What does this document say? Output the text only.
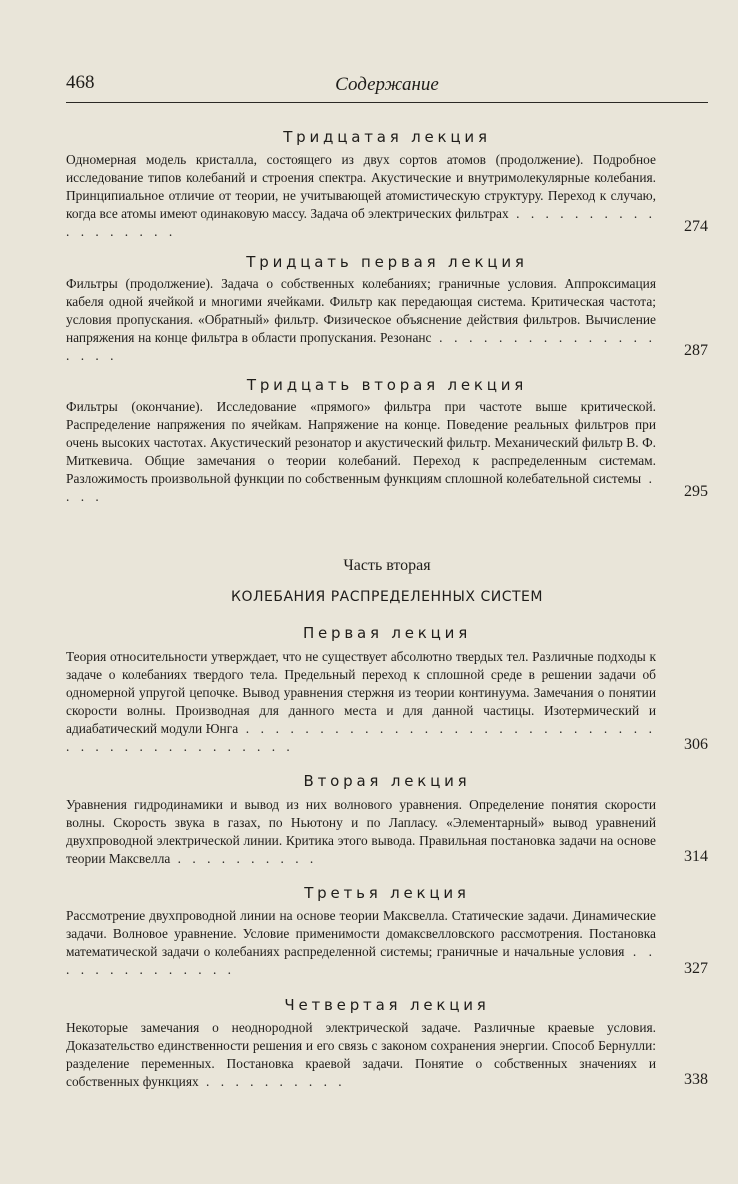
468	Содержание
Тридцатая лекция
Одномерная модель кристалла, состоящего из двух сортов атомов (продолжение). Подробное исследование типов колебаний и строения спектра. Акустические и внутримолекулярные колебания. Принципиальное отличие от теории, не учитывающей атомистическую структуру. Переход к случаю, когда все атомы имеют одинаковую массу. Задача об электрических фильтрах . . . . . . . . . . . . . . . . . .	274
Тридцать первая лекция
Фильтры (продолжение). Задача о собственных колебаниях; граничные условия. Аппроксимация кабеля одной ячейкой и многими ячейками. Фильтр как передающая система. Критическая частота; условия пропускания. «Обратный» фильтр. Физическое объяснение действия фильтров. Вычисление напряжения на конце фильтра в области пропускания. Резонанс . . . . . . . . . . . . . . . . . . .	287
Тридцать вторая лекция
Фильтры (окончание). Исследование «прямого» фильтра при частоте выше критической. Распределение напряжения по ячейкам. Напряжение на конце. Поведение реальных фильтров при очень высоких частотах. Акустический резонатор и акустический фильтр. Механический фильтр В. Ф. Миткевича. Общие замечания о теории колебаний. Переход к распределенным системам. Разложимость произвольной функции по собственным функциям сплошной колебательной системы . . . .	295
Часть вторая
КОЛЕБАНИЯ РАСПРЕДЕЛЕННЫХ СИСТЕМ
Первая лекция
Теория относительности утверждает, что не существует абсолютно твердых тел. Различные подходы к задаче о колебаниях твердого тела. Предельный переход к сплошной среде в решении задачи об одномерной упругой цепочке. Вывод уравнения стержня из теории континуума. Замечания о понятии скорости волны. Производная для данного места и для данной частицы. Изотермический и адиабатический модули Юнга . . . . . . . . . . . . . . . . . . . . . . . . . . . . . . . . . . . . . . . . . . . .	306
Вторая лекция
Уравнения гидродинамики и вывод из них волнового уравнения. Определение понятия скорости волны. Скорость звука в газах, по Ньютону и по Лапласу. «Элементарный» вывод уравнений двухпроводной электрической линии. Критика этого вывода. Правильная постановка задачи на основе теории Максвелла . . . . . . . . . .	314
Третья лекция
Рассмотрение двухпроводной линии на основе теории Максвелла. Статические задачи. Динамические задачи. Волновое уравнение. Условие применимости домаксвелловского рассмотрения. Постановка математической задачи о колебаниях распределенной системы; граничные и начальные условия . . . . . . . . . . . . . .	327
Четвертая лекция
Некоторые замечания о неоднородной электрической задаче. Различные краевые условия. Доказательство единственности решения и его связь с законом сохранения энергии. Способ Бернулли: разделение переменных. Постановка краевой задачи. Понятие о собственных значениях и собственных функциях . . . . . . . . . .	338
